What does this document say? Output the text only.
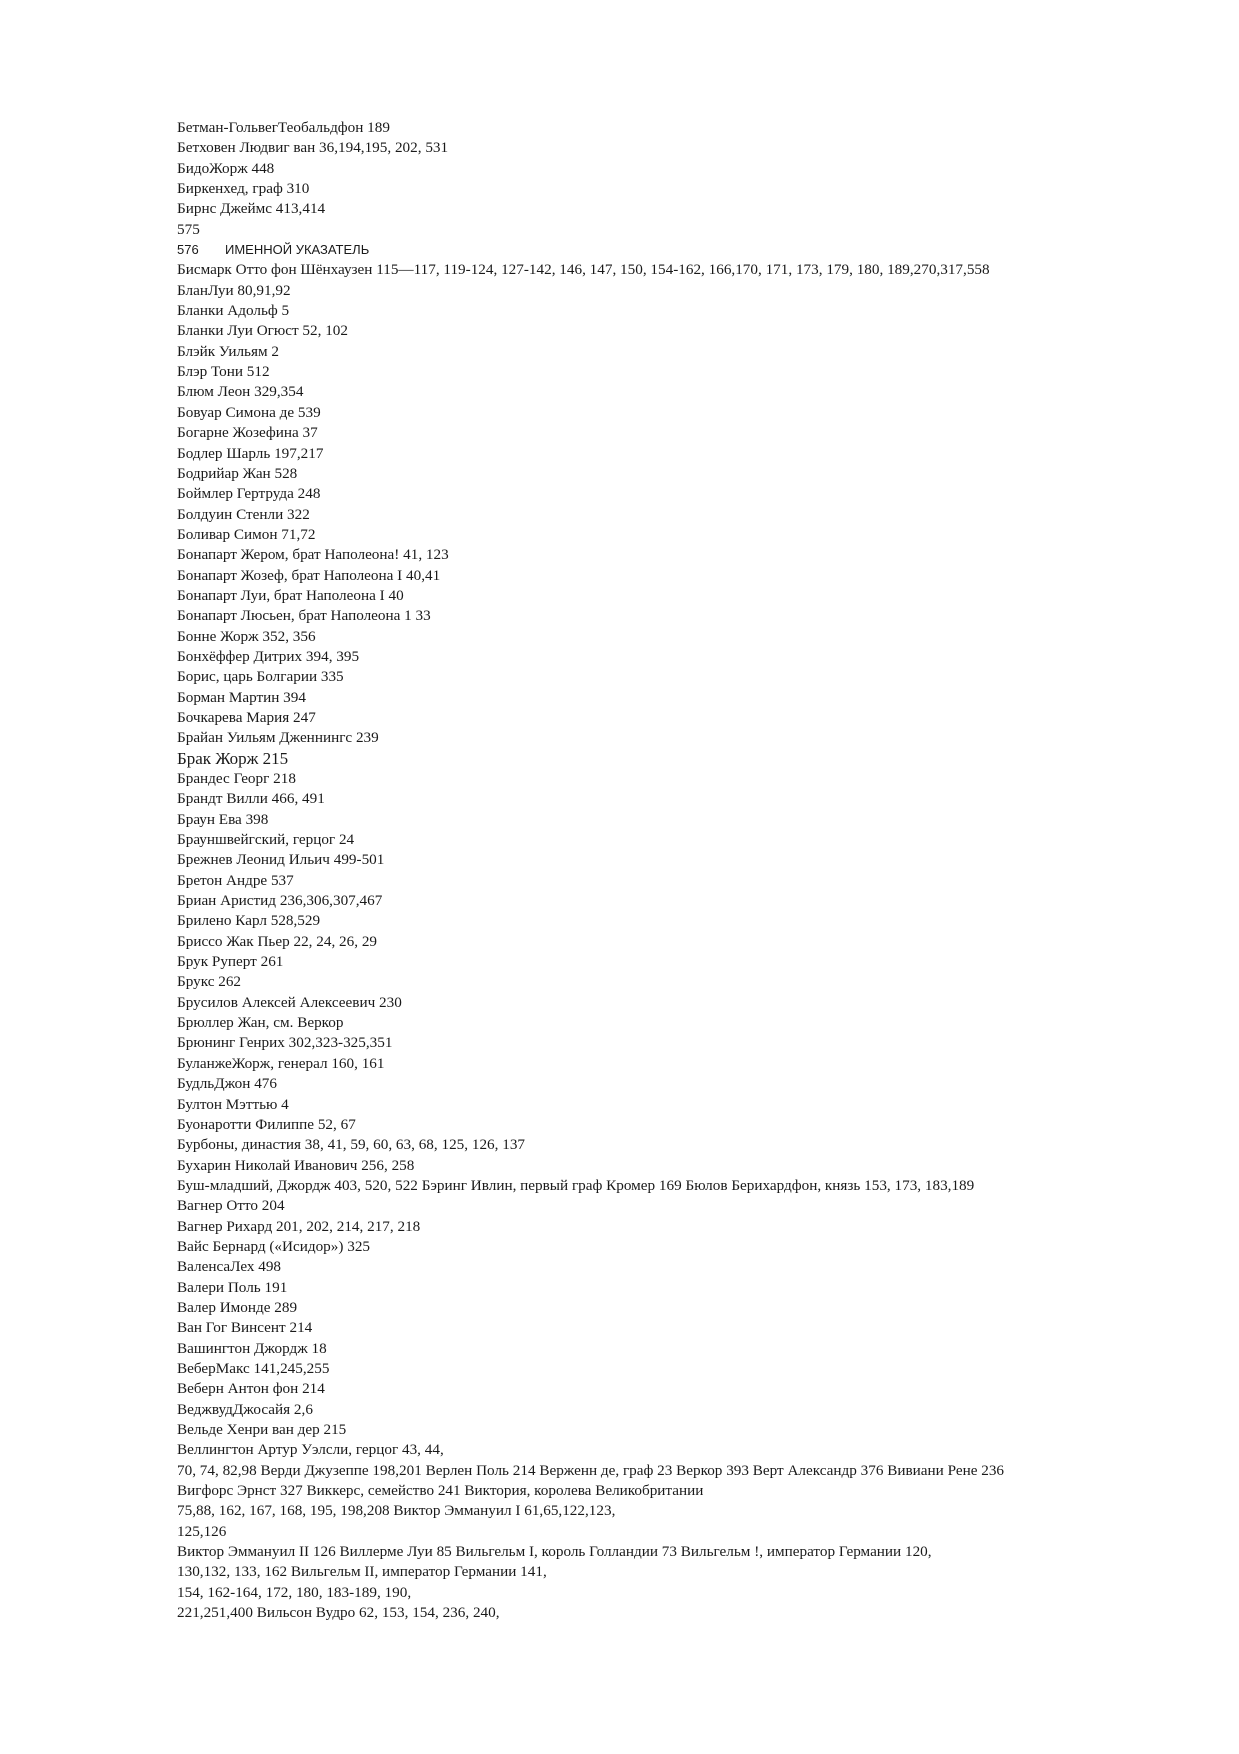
Бетман-ГольвегТеобальдфон 189
Бетховен Людвиг ван 36,194,195, 202, 531
БидоЖорж 448
Биркенхед, граф 310
Бирнс Джеймс 413,414
575
576 ИМЕННОЙ УКАЗАТЕЛЬ
Бисмарк Отто фон Шёнхаузен 115—117, 119-124, 127-142, 146, 147, 150, 154-162, 166,170, 171, 173, 179, 180, 189,270,317,558
БланЛуи 80,91,92
Бланки Адольф 5
Бланки Луи Огюст 52, 102
Блэйк Уильям 2
Блэр Тони 512
Блюм Леон 329,354
Бовуар Симона де 539
Богарне Жозефина 37
Бодлер Шарль 197,217
Бодрийар Жан 528
Боймлер Гертруда 248
Болдуин Стенли 322
Боливар Симон 71,72
Бонапарт Жером, брат Наполеона! 41, 123
Бонапарт Жозеф, брат Наполеона I 40,41
Бонапарт Луи, брат Наполеона I 40
Бонапарт Люсьен, брат Наполеона 1 33
Бонне Жорж 352, 356
Бонхёффер Дитрих 394, 395
Борис, царь Болгарии 335
Борман Мартин 394
Бочкарева Мария 247
Брайан Уильям Дженнингс 239
Брак Жорж 215
Брандес Георг 218
Брандт Вилли 466, 491
Браун Ева 398
Брауншвейгский, герцог 24
Брежнев Леонид Ильич 499-501
Бретон Андре 537
Бриан Аристид 236,306,307,467
Брилено Карл 528,529
Бриссо Жак Пьер 22, 24, 26, 29
Брук Руперт 261
Брукс 262
Брусилов Алексей Алексеевич 230
Брюллер Жан, см. Веркор
Брюнинг Генрих 302,323-325,351
БуланжеЖорж, генерал 160, 161
БудльДжон 476
Бултон Мэттью 4
Буонаротти Филиппе 52, 67
Бурбоны, династия 38, 41, 59, 60, 63, 68, 125, 126, 137
Бухарин Николай Иванович 256, 258
Буш-младший, Джордж 403, 520, 522 Бэринг Ивлин, первый граф Кромер 169 Бюлов Берихардфон, князь 153, 173, 183,189
Вагнер Отто 204
Вагнер Рихард 201, 202, 214, 217, 218
Вайс Бернард («Исидор») 325
ВаленсаЛех 498
Валери Поль 191
Валер Имонде 289
Ван Гог Винсент 214
Вашингтон Джордж 18
ВеберМакс 141,245,255
Веберн Антон фон 214
ВеджвудДжосайя 2,6
Вельде Хенри ван дер 215
Веллингтон Артур Уэлсли, герцог 43, 44,
70, 74, 82,98 Верди Джузеппе 198,201 Верлен Поль 214 Верженн де, граф 23 Веркор 393 Верт Александр 376 Вивиани Рене 236
Вигфорс Эрнст 327 Виккерс, семейство 241 Виктория, королева Великобритании
75,88, 162, 167, 168, 195, 198,208 Виктор Эммануил I 61,65,122,123,
125,126
Виктор Эммануил II 126 Виллерме Луи 85 Вильгельм I, король Голландии 73 Вильгельм !, император Германии 120,
130,132, 133, 162 Вильгельм II, император Германии 141,
154, 162-164, 172, 180, 183-189, 190,
221,251,400 Вильсон Вудро 62, 153, 154, 236, 240,
